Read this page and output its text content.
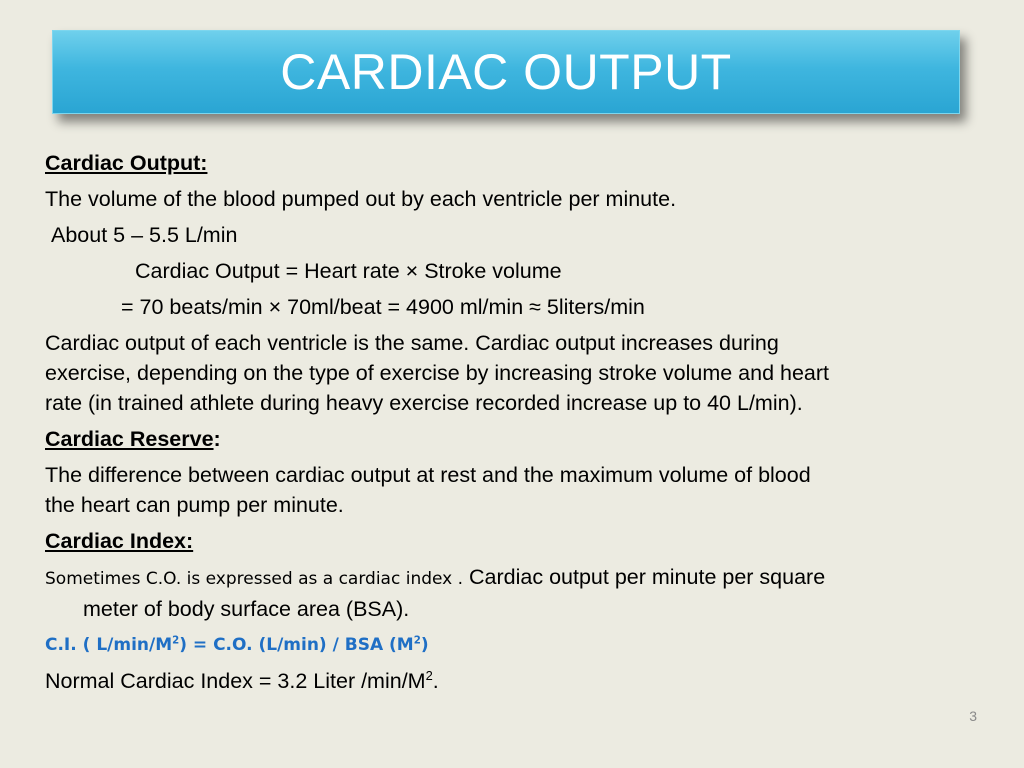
CARDIAC OUTPUT

Cardiac Output:

The volume of the blood pumped out by each ventricle per minute.

About 5 – 5.5 L/min

Cardiac Output = Heart rate × Stroke volume

= 70 beats/min × 70ml/beat = 4900 ml/min ≈ 5liters/min

Cardiac output of each ventricle is the same. Cardiac output increases during

exercise, depending on the type of exercise by increasing stroke volume and heart

rate (in trained athlete during heavy exercise recorded increase up to 40 L/min).

Cardiac Reserve:

The difference between cardiac output at rest and the maximum volume of blood

the heart can pump per minute.

Cardiac Index:

Sometimes C.O. is expressed as a cardiac index . Cardiac output per minute per square

meter of body surface area (BSA).

C.I. ( $L/\min/M^2) = C.O$. (L/min) / BSA $(M^2)$

Normal Cardiac Index = 3.2 Liter $/\min/M^2$.

3
